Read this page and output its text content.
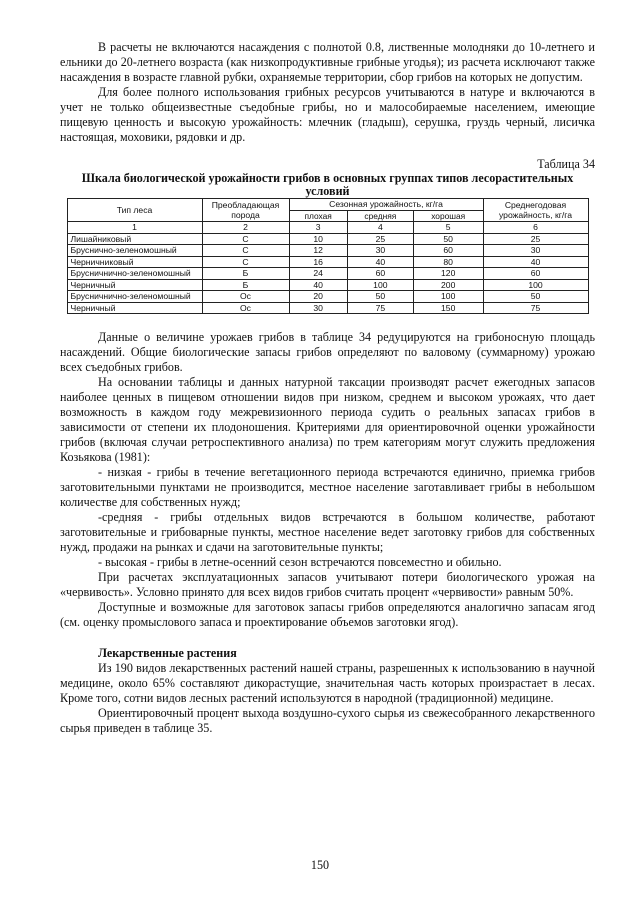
В расчеты не включаются насаждения с полнотой 0.8, лиственные молодняки до 10-летнего и ельники до 20-летнего возраста (как низкопродуктивные грибные угодья); из расчета исключают также насаждения в возрасте главной рубки, охраняемые территории, сбор грибов на которых не допустим.

Для более полного использования грибных ресурсов учитываются в натуре и включаются в учет не только общеизвестные съедобные грибы, но и малособираемые населением, имеющие пищевую ценность и высокую урожайность: млечник (гладыш), серушка, груздь черный, лисичка настоящая, моховики, рядовки и др.

Таблица 34

Шкала биологической урожайности грибов в основных группах типов лесорастительных условий

Тип леса	Преобладающая порода	Сезонная урожайность, кг/га			Среднегодовая урожайность, кг/га
		плохая	средняя	хорошая	
1	2	3	4	5	6
Лишайниковый	С	10	25	50	25
Бруснично-зеленомошный	С	12	30	60	30
Черничниковый	С	16	40	80	40
Брусничнично-зеленомошный	Б	24	60	120	60
Черничный	Б	40	100	200	100
Брусничнично-зеленомошный	Ос	20	50	100	50
Черничный	Ос	30	75	150	75

Данные о величине урожаев грибов в таблице 34 редуцируются на грибоносную площадь насаждений. Общие биологические запасы грибов определяют по валовому (суммарному) урожаю всех съедобных грибов.

На основании таблицы и данных натурной таксации производят расчет ежегодных запасов наиболее ценных в пищевом отношении видов при низком, среднем и высоком урожаях, что дает возможность в каждом году межревизионного периода судить о реальных запасах грибов в зависимости от степени их плодоношения. Критериями для ориентировочной оценки урожайности грибов (включая случаи ретроспективного анализа) по трем категориям могут служить предложения Козьякова (1981):

- низкая - грибы в течение вегетационного периода встречаются единично, приемка грибов заготовительными пунктами не производится, местное население заготавливает грибы в небольшом количестве для собственных нужд;

-средняя - грибы отдельных видов встречаются в большом количестве, работают заготовительные и грибоварные пункты, местное население ведет заготовку грибов для собственных нужд, продажи на рынках и сдачи на заготовительные пункты;

- высокая - грибы в летне-осенний сезон встречаются повсеместно и обильно.

При расчетах эксплуатационных запасов учитывают потери биологического урожая на «червивость». Условно принято для всех видов грибов считать процент «червивости» равным 50%.

Доступные и возможные для заготовок запасы грибов определяются аналогично запасам ягод (см. оценку промыслового запаса и проектирование объемов заготовки ягод).

Лекарственные растения

Из 190 видов лекарственных растений нашей страны, разрешенных к использованию в научной медицине, около 65% составляют дикорастущие, значительная часть которых произрастает в лесах. Кроме того, сотни видов лесных растений используются в народной (традиционной) медицине.

Ориентировочный процент выхода воздушно-сухого сырья из свежесобранного лекарственного сырья приведен в таблице 35.

150
